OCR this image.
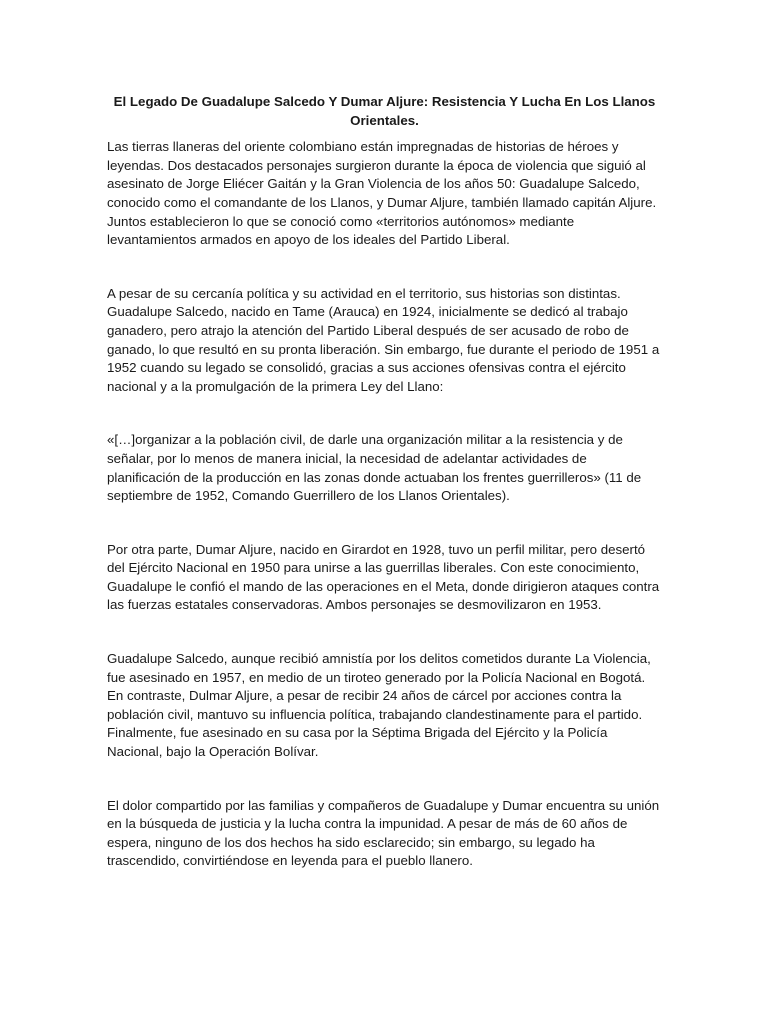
El Legado De Guadalupe Salcedo Y Dumar Aljure: Resistencia Y Lucha En Los Llanos Orientales.

Las tierras llaneras del oriente colombiano están impregnadas de historias de héroes y leyendas. Dos destacados personajes surgieron durante la época de violencia que siguió al asesinato de Jorge Eliécer Gaitán y la Gran Violencia de los años 50: Guadalupe Salcedo, conocido como el comandante de los Llanos, y Dumar Aljure, también llamado capitán Aljure. Juntos establecieron lo que se conoció como «territorios autónomos» mediante levantamientos armados en apoyo de los ideales del Partido Liberal.

A pesar de su cercanía política y su actividad en el territorio, sus historias son distintas. Guadalupe Salcedo, nacido en Tame (Arauca) en 1924, inicialmente se dedicó al trabajo ganadero, pero atrajo la atención del Partido Liberal después de ser acusado de robo de ganado, lo que resultó en su pronta liberación. Sin embargo, fue durante el periodo de 1951 a 1952 cuando su legado se consolidó, gracias a sus acciones ofensivas contra el ejército nacional y a la promulgación de la primera Ley del Llano:

«[…]organizar a la población civil, de darle una organización militar a la resistencia y de señalar, por lo menos de manera inicial, la necesidad de adelantar actividades de planificación de la producción en las zonas donde actuaban los frentes guerrilleros» (11 de septiembre de 1952, Comando Guerrillero de los Llanos Orientales).

Por otra parte, Dumar Aljure, nacido en Girardot en 1928, tuvo un perfil militar, pero desertó del Ejército Nacional en 1950 para unirse a las guerrillas liberales. Con este conocimiento, Guadalupe le confió el mando de las operaciones en el Meta, donde dirigieron ataques contra las fuerzas estatales conservadoras. Ambos personajes se desmovilizaron en 1953.

Guadalupe Salcedo, aunque recibió amnistía por los delitos cometidos durante La Violencia, fue asesinado en 1957, en medio de un tiroteo generado por la Policía Nacional en Bogotá. En contraste, Dulmar Aljure, a pesar de recibir 24 años de cárcel por acciones contra la población civil, mantuvo su influencia política, trabajando clandestinamente para el partido. Finalmente, fue asesinado en su casa por la Séptima Brigada del Ejército y la Policía Nacional, bajo la Operación Bolívar.

El dolor compartido por las familias y compañeros de Guadalupe y Dumar encuentra su unión en la búsqueda de justicia y la lucha contra la impunidad. A pesar de más de 60 años de espera, ninguno de los dos hechos ha sido esclarecido; sin embargo, su legado ha trascendido, convirtiéndose en leyenda para el pueblo llanero.
